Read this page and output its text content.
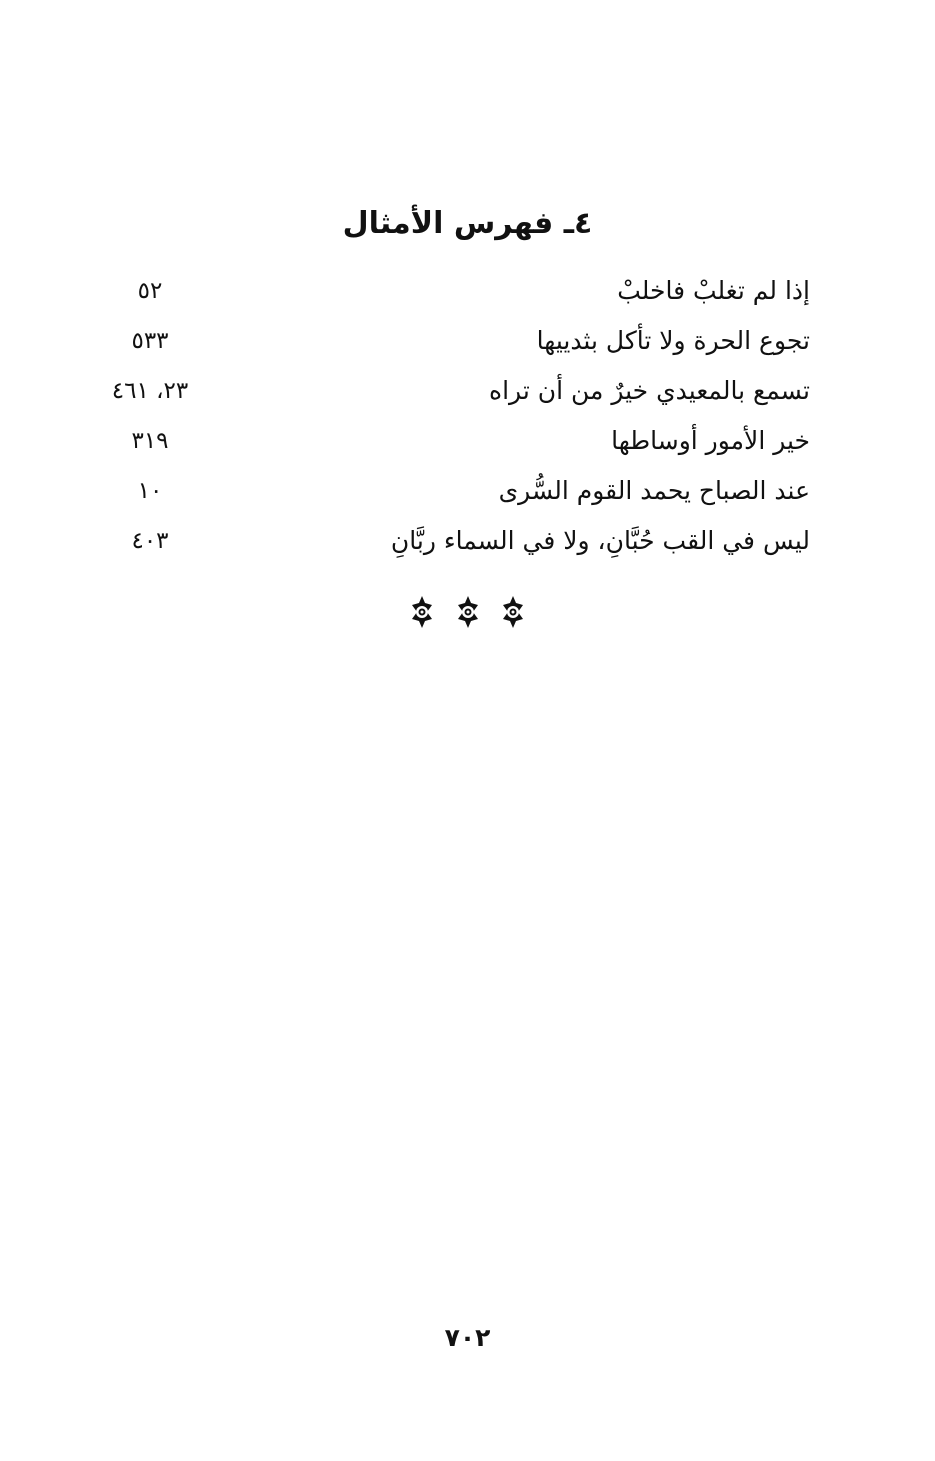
٤ـ فهرس الأمثال
إذا لم تغلبْ فاخلبْ
٥٢
تجوع الحرة ولا تأكل بثدييها
٥٣٣
تسمع بالمعيدي خيرٌ من أن تراه
٢٣، ٤٦١
خير الأمور أوساطها
٣١٩
عند الصباح يحمد القوم السُّرى
١٠
ليس في القب حُبَّانِ، ولا في السماء ربَّانِ
٤٠٣

٧٠٢
